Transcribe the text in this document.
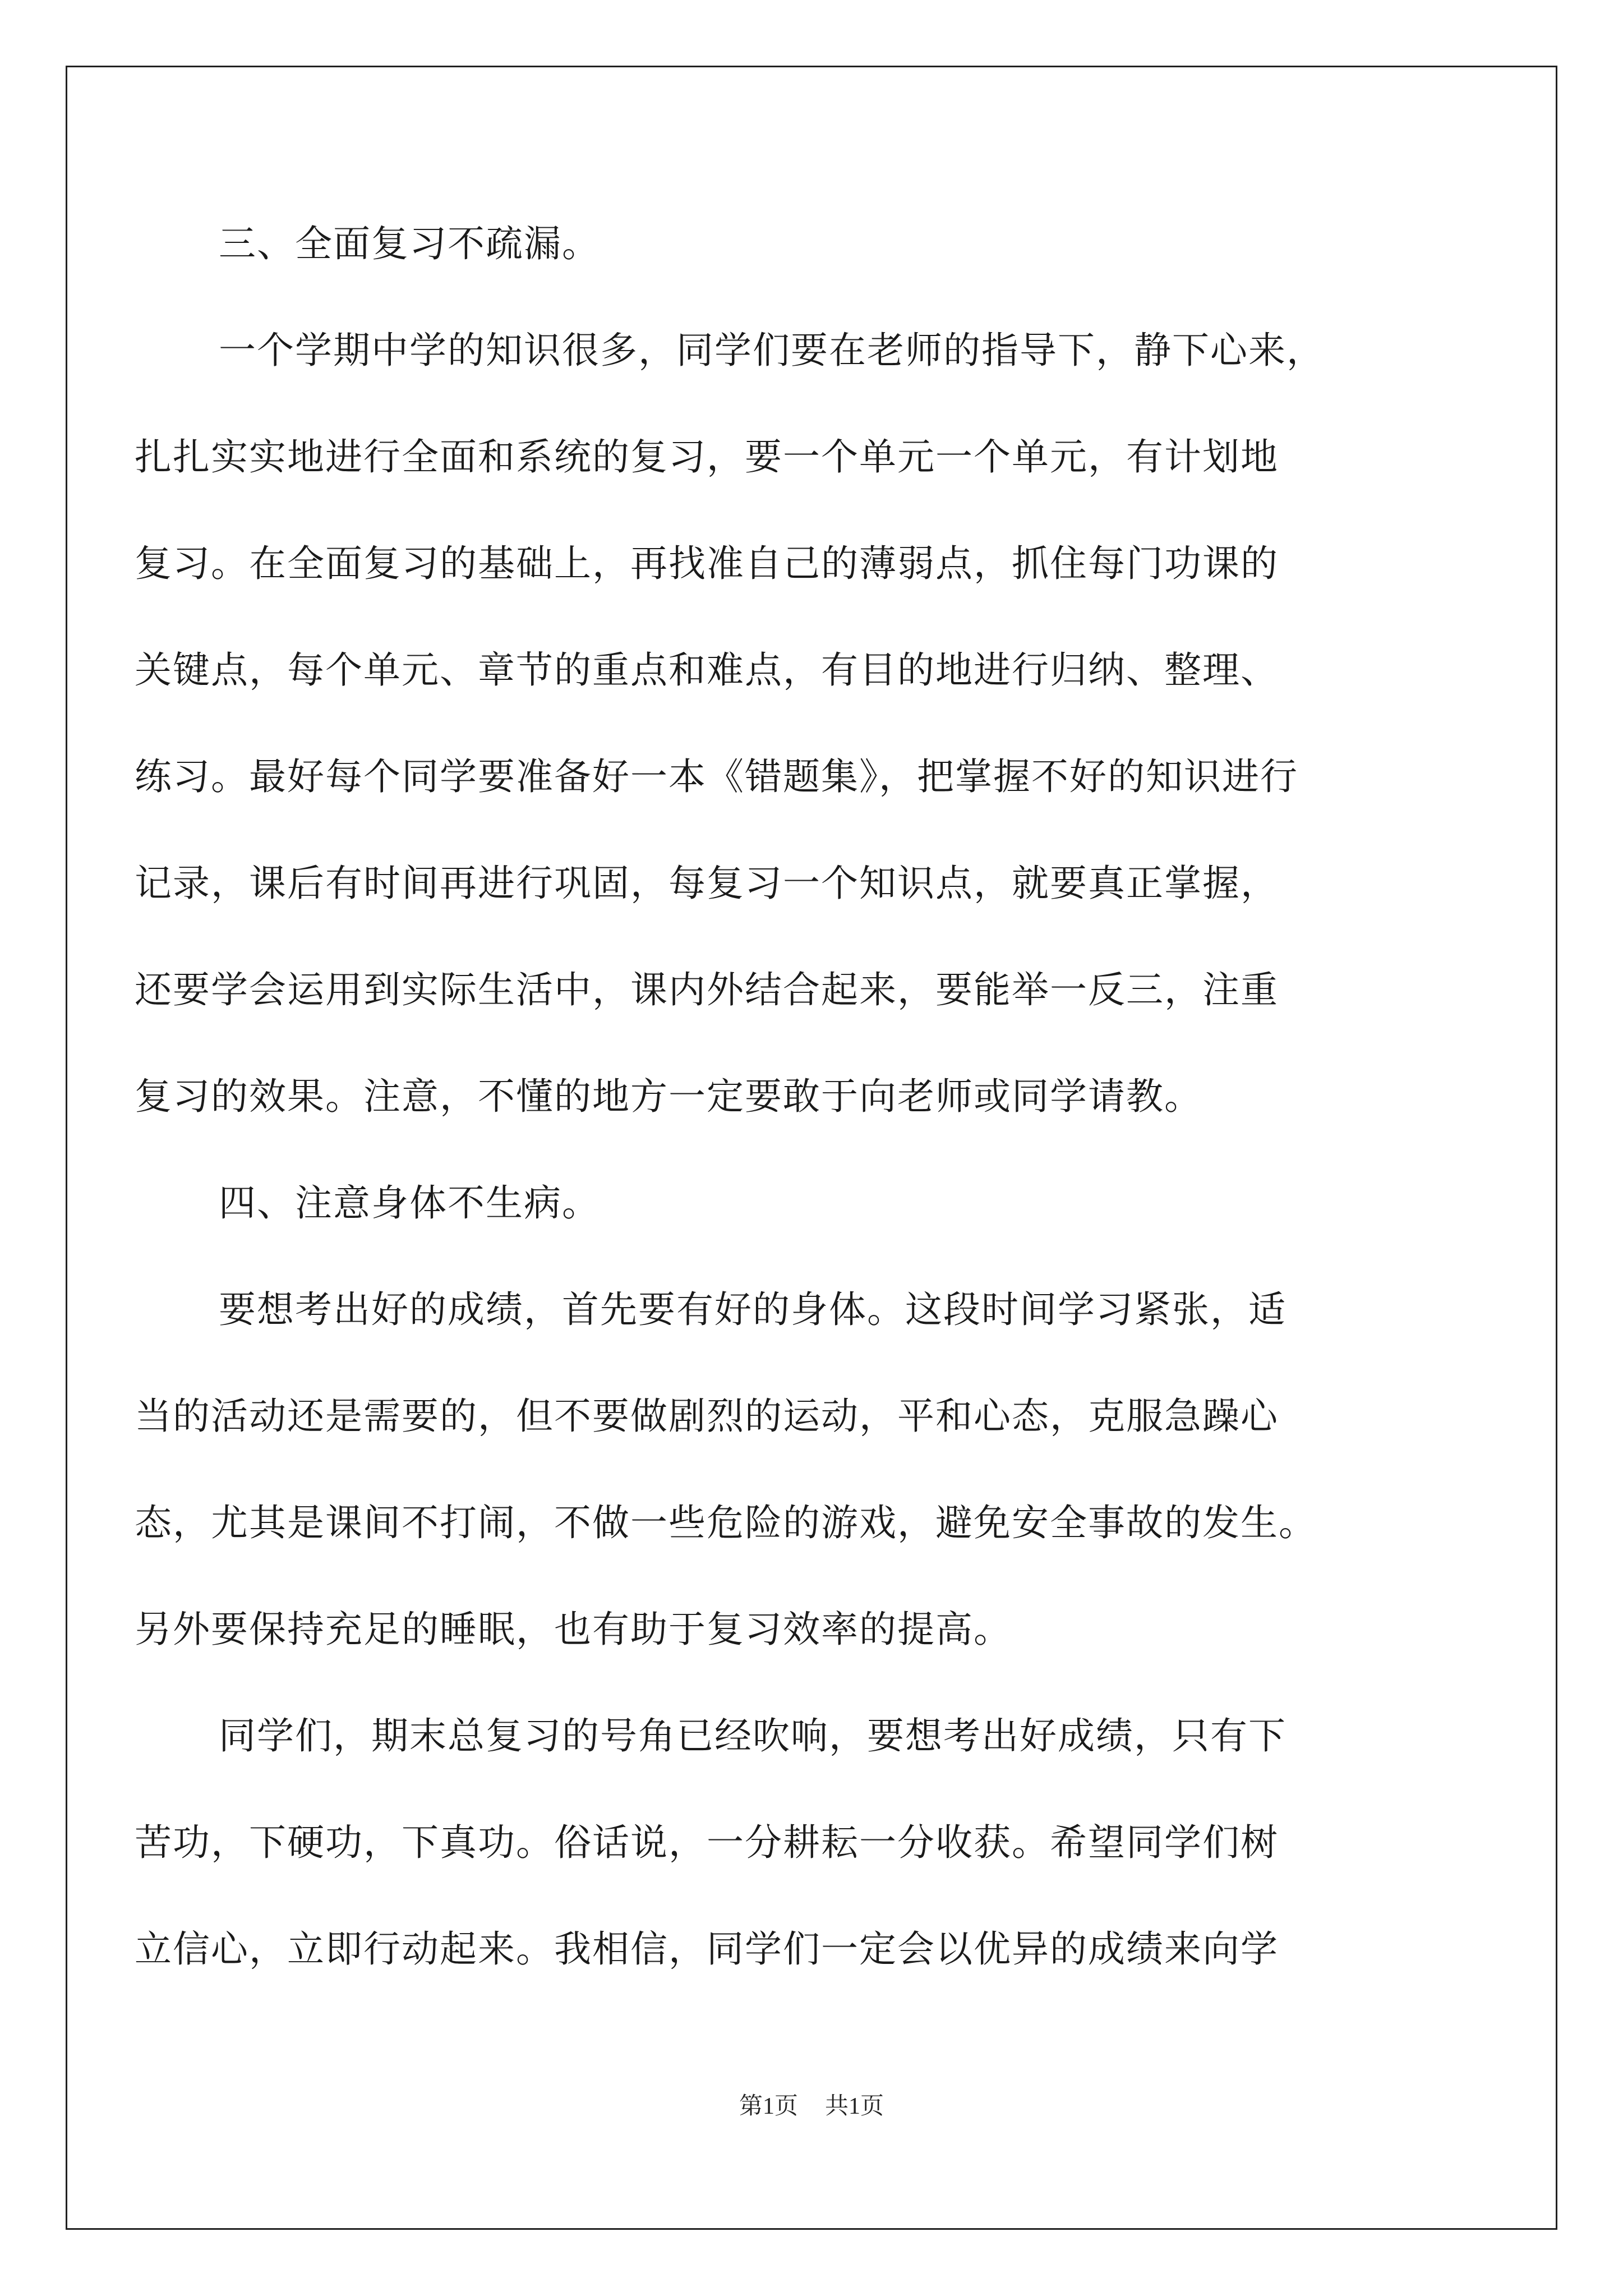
三、全面复习不疏漏。
一个学期中学的知识很多，同学们要在老师的指导下，静下心来，
扎扎实实地进行全面和系统的复习，要一个单元一个单元，有计划地
复习。在全面复习的基础上，再找准自己的薄弱点，抓住每门功课的
关键点，每个单元、章节的重点和难点，有目的地进行归纳、整理、
练习。最好每个同学要准备好一本《错题集》，把掌握不好的知识进行
记录，课后有时间再进行巩固，每复习一个知识点，就要真正掌握，
还要学会运用到实际生活中，课内外结合起来，要能举一反三，注重
复习的效果。注意，不懂的地方一定要敢于向老师或同学请教。
四、注意身体不生病。
要想考出好的成绩，首先要有好的身体。这段时间学习紧张，适
当的活动还是需要的，但不要做剧烈的运动，平和心态，克服急躁心
态，尤其是课间不打闹，不做一些危险的游戏，避免安全事故的发生。
另外要保持充足的睡眠，也有助于复习效率的提高。
同学们，期末总复习的号角已经吹响，要想考出好成绩，只有下
苦功，下硬功，下真功。俗话说，一分耕耘一分收获。希望同学们树
立信心，立即行动起来。我相信，同学们一定会以优异的成绩来向学
第1页 共1页
